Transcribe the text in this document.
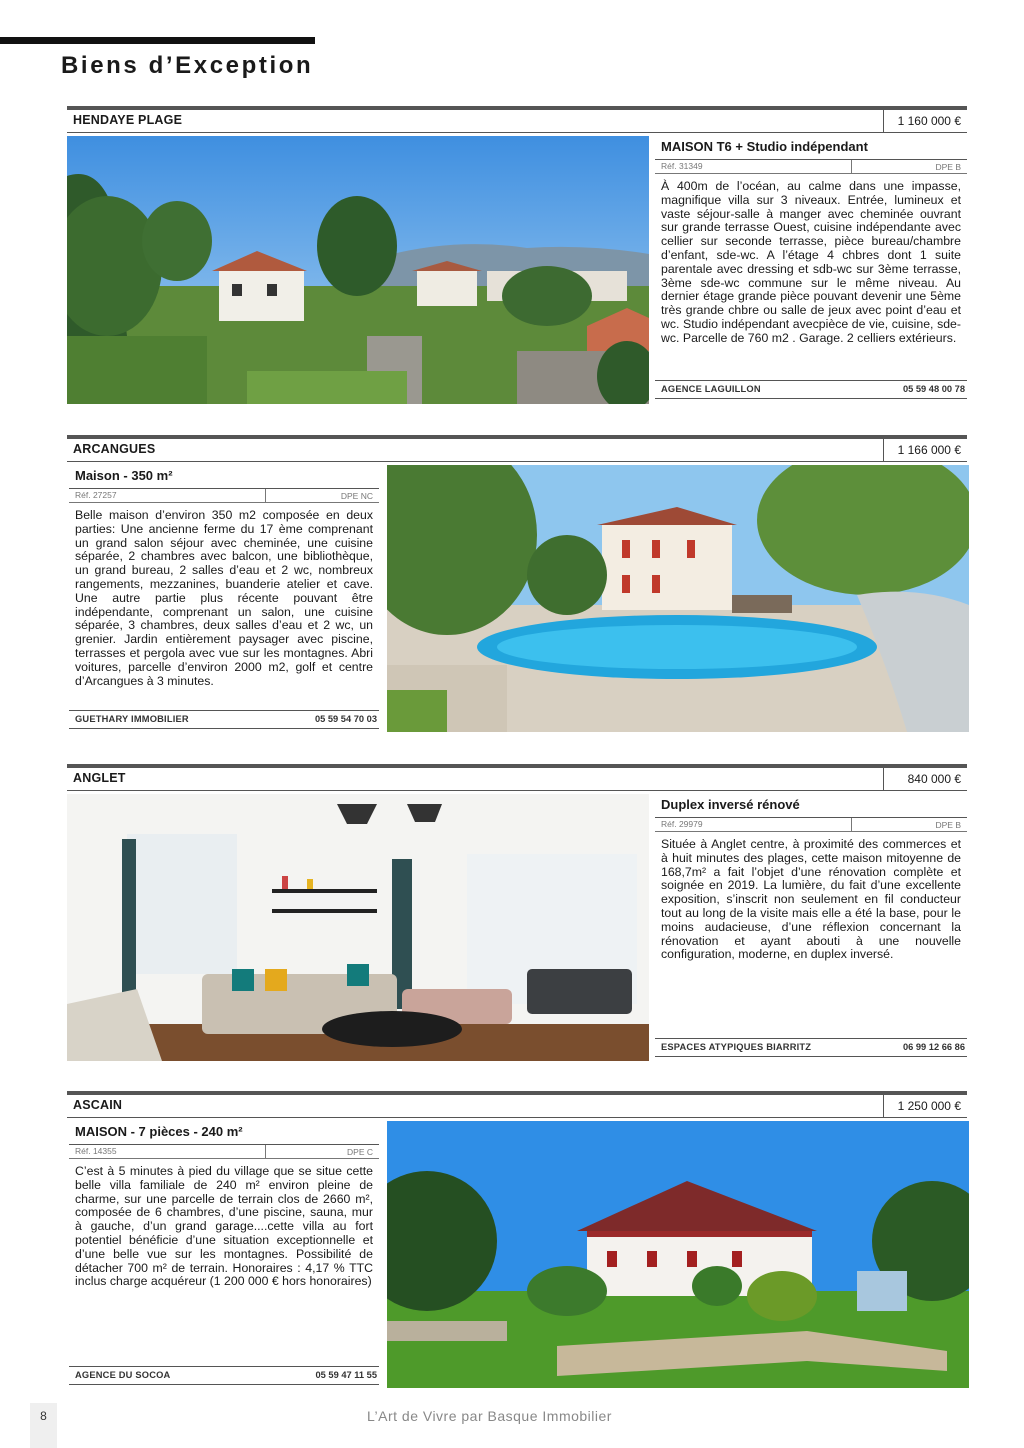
Biens d’Exception
HENDAYE PLAGE	1 160 000 €
MAISON T6 + Studio indépendant
Réf. 31349	DPE B
À 400m de l’océan, au calme dans une impasse, magnifique villa sur 3 niveaux. Entrée, lumineux et vaste séjour-salle à manger avec cheminée ouvrant sur grande terrasse Ouest, cuisine indépendante avec cellier sur seconde terrasse, pièce bureau/chambre d’enfant, sde-wc. A l’étage 4 chbres dont 1 suite parentale avec dressing et sdb-wc sur 3ème terrasse, 3ème sde-wc commune sur le même niveau. Au dernier étage grande pièce pouvant devenir une 5ème très grande chbre ou salle de jeux avec point d’eau et wc. Studio indépendant avecpièce de vie, cuisine, sde-wc. Parcelle de 760 m2 . Garage. 2 celliers extérieurs.
AGENCE LAGUILLON	05 59 48 00 78
ARCANGUES	1 166 000 €
Maison - 350 m²
Réf. 27257	DPE NC
Belle maison d’environ 350 m2 composée en deux parties: Une ancienne ferme du 17 ème comprenant un grand salon séjour avec cheminée, une cuisine séparée, 2 chambres avec balcon, une bibliothèque, un grand bureau, 2 salles d’eau et 2 wc, nombreux rangements, mezzanines, buanderie atelier et cave. Une autre partie plus récente pouvant être indépendante, comprenant un salon, une cuisine séparée, 3 chambres, deux salles d’eau et 2 wc, un grenier. Jardin entièrement paysager avec piscine, terrasses et pergola avec vue sur les montagnes. Abri voitures, parcelle d’environ 2000 m2, golf et centre d’Arcangues à 3 minutes.
GUETHARY IMMOBILIER	05 59 54 70 03
ANGLET	840 000 €
Duplex inversé rénové
Réf. 29979	DPE B
Située à Anglet centre, à proximité des commerces et à huit minutes des plages, cette maison mitoyenne de 168,7m² a fait l’objet d’une rénovation complète et soignée en 2019. La lumière, du fait d’une excellente exposition, s’inscrit non seulement en fil conducteur tout au long de la visite mais elle a été la base, pour le moins audacieuse, d’une réflexion concernant la rénovation et ayant abouti à une nouvelle configuration, moderne, en duplex inversé.
ESPACES ATYPIQUES BIARRITZ	06 99 12 66 86
ASCAIN	1 250 000 €
MAISON - 7 pièces - 240 m²
Réf. 14355	DPE C
C’est à 5 minutes à pied du village que se situe cette belle villa familiale de 240 m² environ pleine de charme, sur une parcelle de terrain clos de 2660 m², composée de 6 chambres, d’une piscine, sauna, mur à gauche, d’un grand garage....cette villa au fort potentiel bénéficie d’une situation exceptionnelle et d’une belle vue sur les montagnes. Possibilité de détacher 700 m² de terrain. Honoraires : 4,17 % TTC inclus charge acquéreur (1 200 000 € hors honoraires)
AGENCE DU SOCOA	05 59 47 11 55
8	L’Art de Vivre par Basque Immobilier
